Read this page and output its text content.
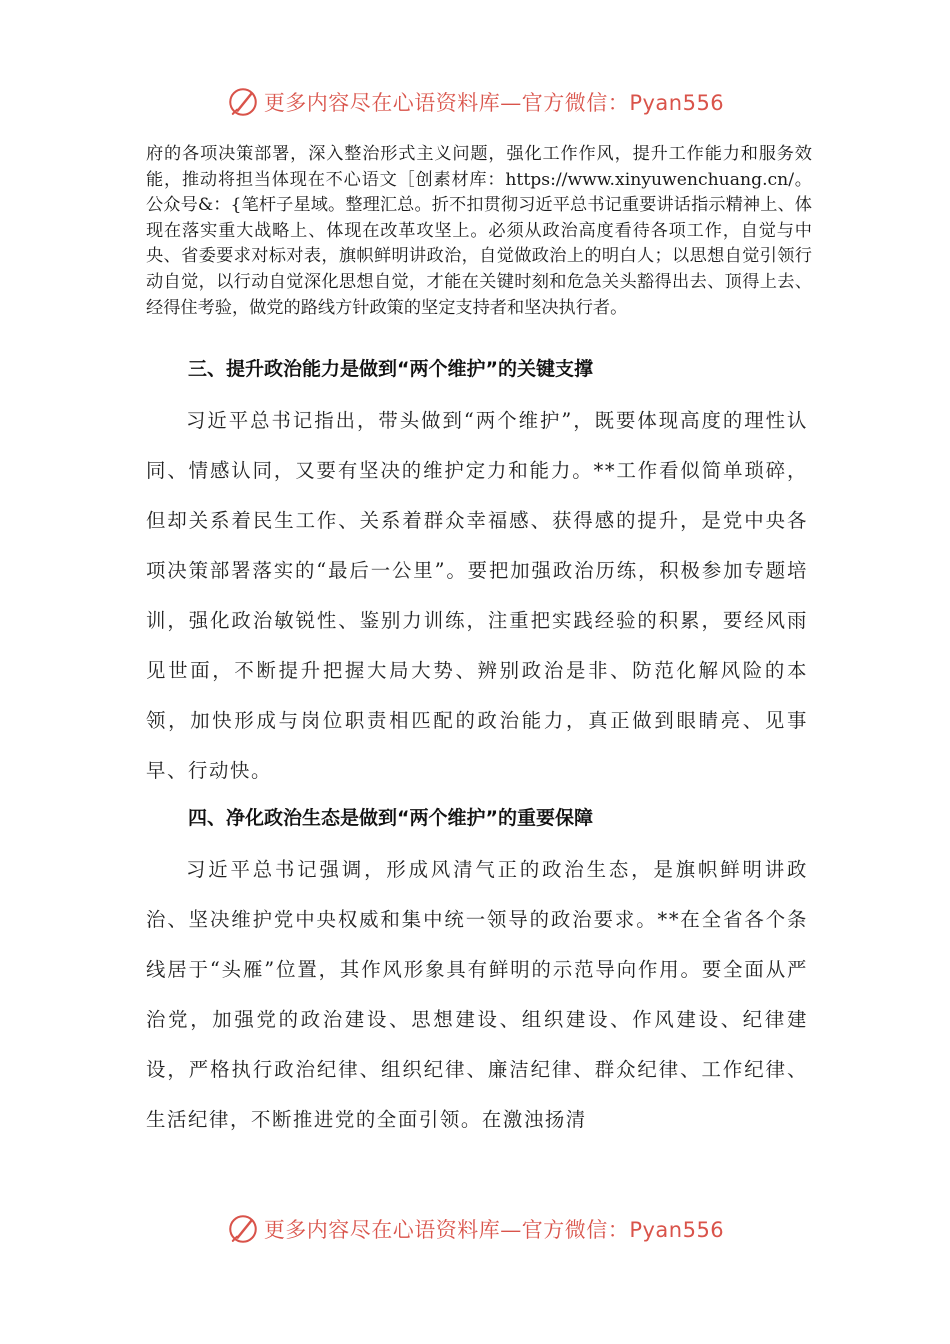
更多内容尽在心语资料库—官方微信：Pyan556

府的各项决策部署，深入整治形式主义问题，强化工作作风，提升工作能力和服务效能，推动将担当体现在不心语文［创素材库：https://www.xinyuwenchuang.cn/。公众号&：{笔杆子星域。整理汇总。折不扣贯彻习近平总书记重要讲话指示精神上、体现在落实重大战略上、体现在改革攻坚上。必须从政治高度看待各项工作，自觉与中央、省委要求对标对表，旗帜鲜明讲政治，自觉做政治上的明白人；以思想自觉引领行动自觉，以行动自觉深化思想自觉，才能在关键时刻和危急关头豁得出去、顶得上去、经得住考验，做党的路线方针政策的坚定支持者和坚决执行者。

三、提升政治能力是做到“两个维护”的关键支撑

习近平总书记指出，带头做到“两个维护”，既要体现高度的理性认同、情感认同，又要有坚决的维护定力和能力。**工作看似简单琐碎，但却关系着民生工作、关系着群众幸福感、获得感的提升，是党中央各项决策部署落实的“最后一公里”。要把加强政治历练，积极参加专题培训，强化政治敏锐性、鉴别力训练，注重把实践经验的积累，要经风雨见世面，不断提升把握大局大势、辨别政治是非、防范化解风险的本领，加快形成与岗位职责相匹配的政治能力，真正做到眼睛亮、见事早、行动快。

四、净化政治生态是做到“两个维护”的重要保障

习近平总书记强调，形成风清气正的政治生态，是旗帜鲜明讲政治、坚决维护党中央权威和集中统一领导的政治要求。**在全省各个条线居于“头雁”位置，其作风形象具有鲜明的示范导向作用。要全面从严治党，加强党的政治建设、思想建设、组织建设、作风建设、纪律建设，严格执行政治纪律、组织纪律、廉洁纪律、群众纪律、工作纪律、生活纪律，不断推进党的全面引领。在激浊扬清

更多内容尽在心语资料库—官方微信：Pyan556
